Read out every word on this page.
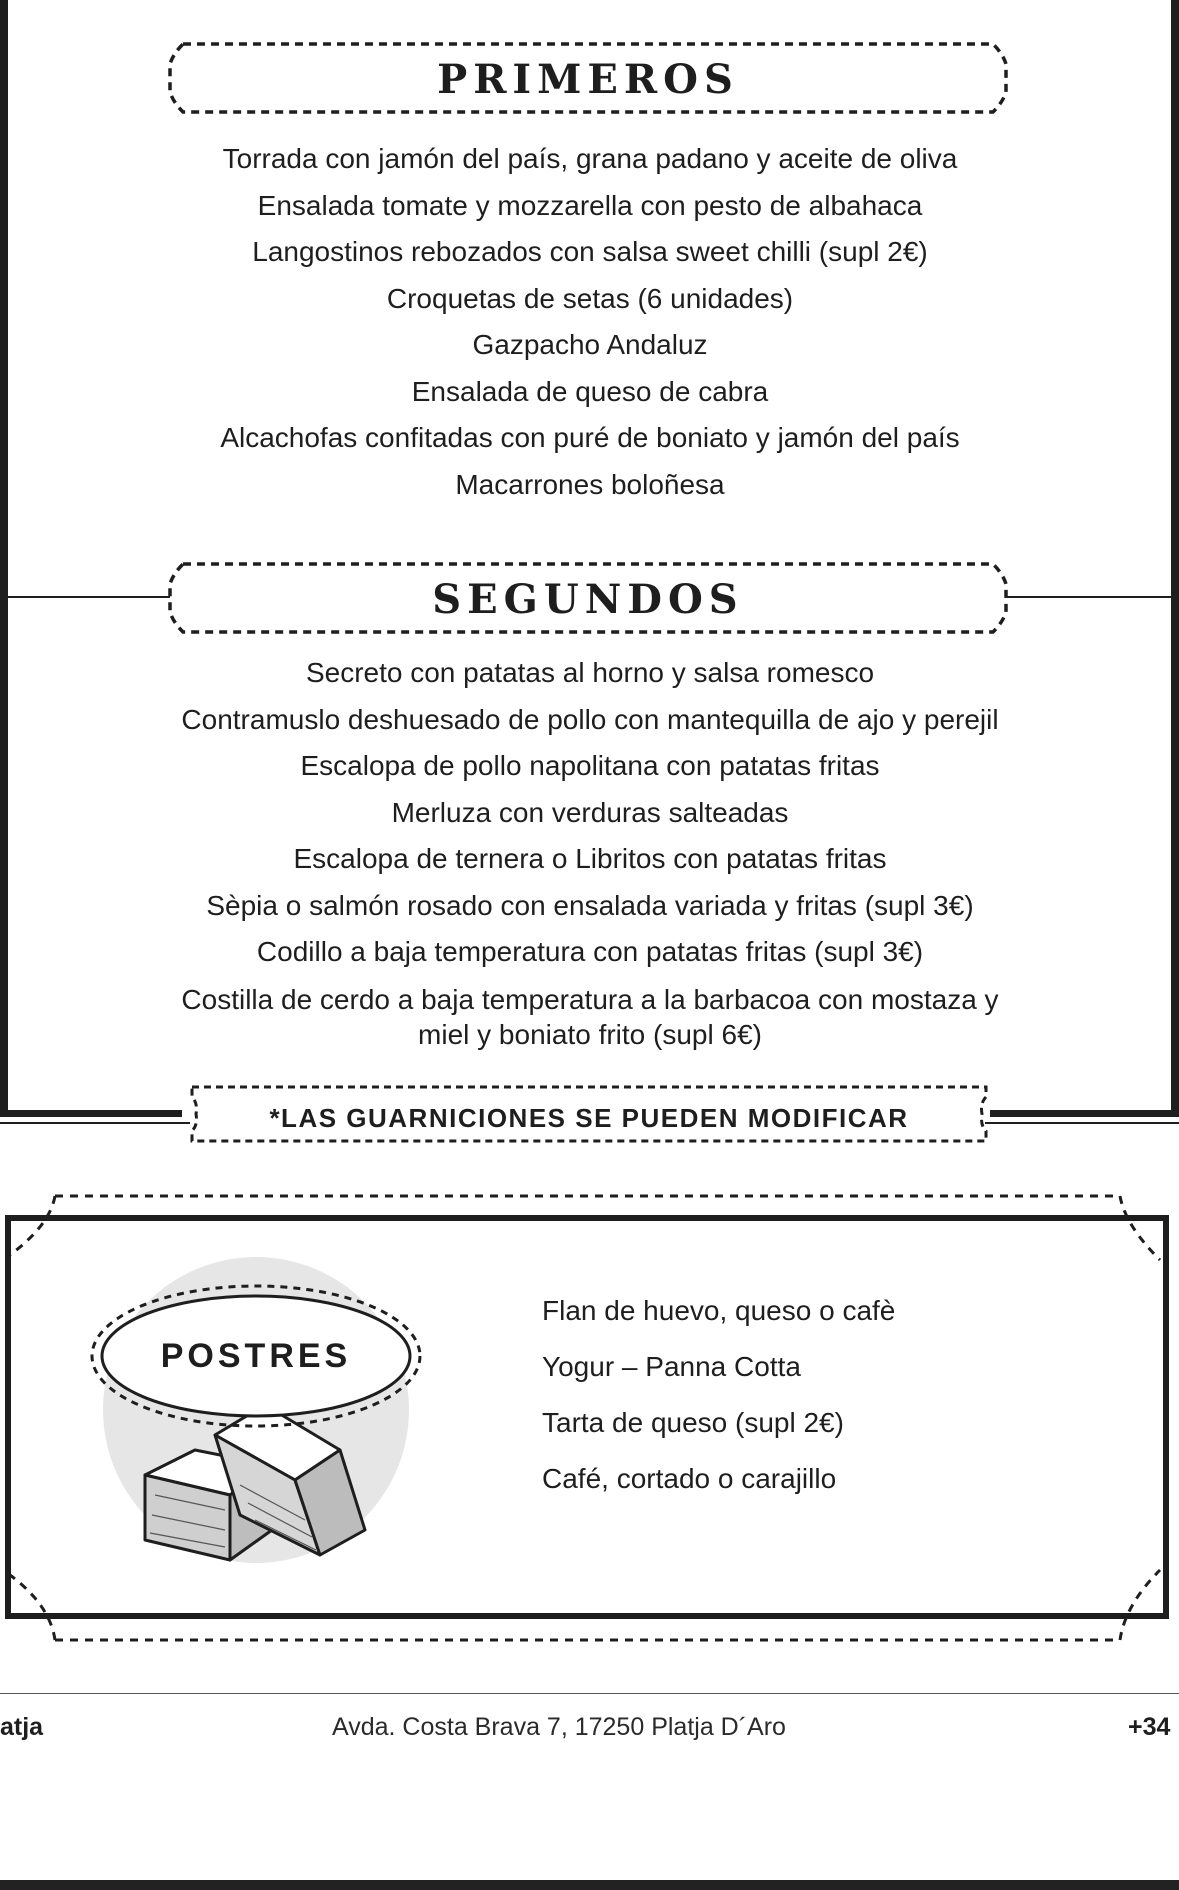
PRIMEROS
Torrada con jamón del país, grana padano y aceite de oliva
Ensalada tomate y mozzarella con pesto de albahaca
Langostinos rebozados con salsa sweet chilli (supl 2€)
Croquetas de setas (6 unidades)
Gazpacho Andaluz
Ensalada de queso de cabra
Alcachofas confitadas con puré de boniato y jamón del país
Macarrones boloñesa
SEGUNDOS
Secreto con patatas al horno y salsa romesco
Contramuslo deshuesado de pollo con mantequilla de ajo y perejil
Escalopa de pollo napolitana con patatas fritas
Merluza con verduras salteadas
Escalopa de ternera o Libritos con patatas fritas
Sèpia o salmón rosado con ensalada variada y fritas (supl 3€)
Codillo a baja temperatura con patatas fritas (supl 3€)
Costilla de cerdo a baja temperatura a la barbacoa con mostaza y miel y boniato frito (supl 6€)
*LAS GUARNICIONES SE PUEDEN MODIFICAR
POSTRES
Flan de huevo, queso o cafè
Yogur – Panna Cotta
Tarta de queso (supl 2€)
Café, cortado o carajillo
atja	Avda. Costa Brava 7, 17250 Platja D´Aro	+34
